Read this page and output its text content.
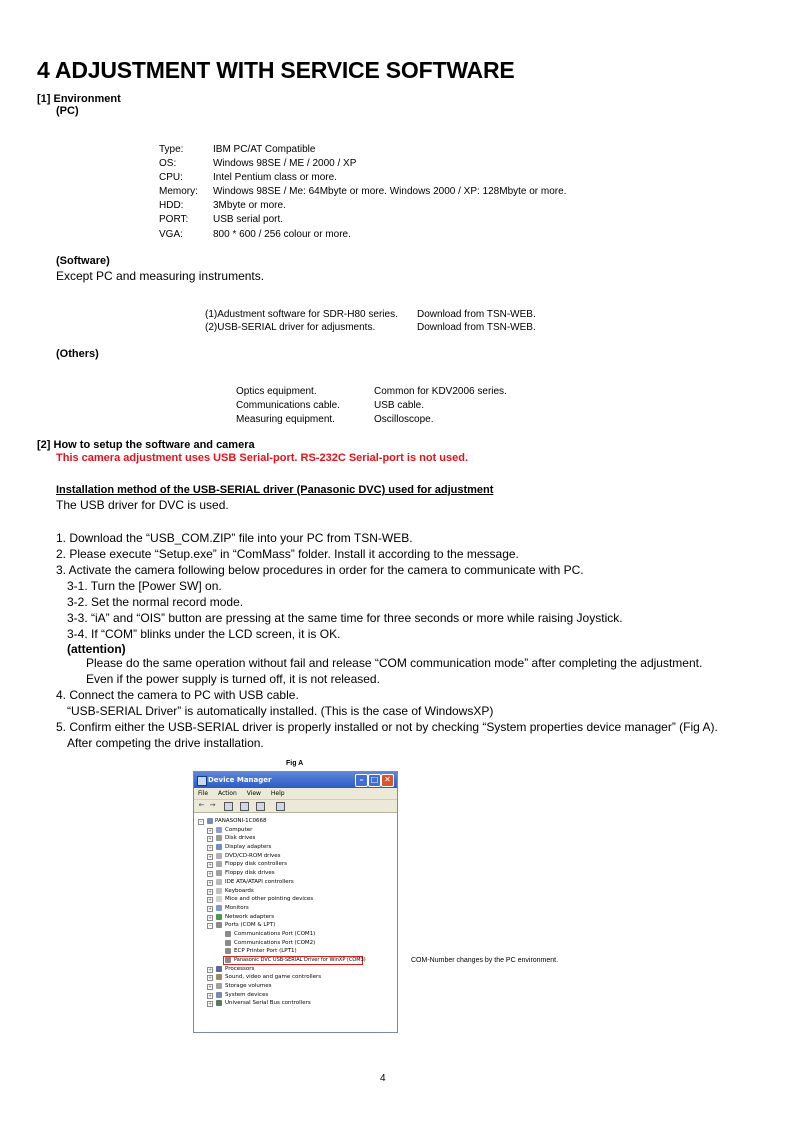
4 ADJUSTMENT WITH SERVICE SOFTWARE
[1] Environment
(PC)
Type:	IBM PC/AT Compatible
OS:	Windows 98SE / ME / 2000 / XP
CPU:	Intel Pentium class or more.
Memory: Windows 98SE / Me: 64Mbyte or more. Windows 2000 / XP: 128Mbyte or more.
HDD:	3Mbyte or more.
PORT: USB serial port.
VGA:	800 * 600 / 256 colour or more.
(Software)
Except PC and measuring instruments.
(1)Adustment software for SDR-H80 series. Download from TSN-WEB.
(2)USB-SERIAL driver for adjusments.	Download from TSN-WEB.
(Others)
Optics equipment.	Common for KDV2006 series.
Communications cable.	USB cable.
Measuring equipment.	Oscilloscope.
[2] How to setup the software and camera
This camera adjustment uses USB Serial-port. RS-232C Serial-port is not used.
Installation method of the USB-SERIAL driver (Panasonic DVC) used for adjustment
The USB driver for DVC is used.
1. Download the “USB_COM.ZIP” file into your PC from TSN-WEB.
2. Please execute “Setup.exe” in “ComMass” folder. Install it according to the message.
3. Activate the camera following below procedures in order for the camera to communicate with PC.
3-1. Turn the [Power SW] on.
3-2. Set the normal record mode.
3-3. “iA” and “OIS” button are pressing at the same time for three seconds or more while raising Joystick.
3-4. If “COM” blinks under the LCD screen, it is OK.
(attention)
Please do the same operation without fail and release “COM communication mode” after completing the adjustment.
Even if the power supply is turned off, it is not released.
4. Connect the camera to PC with USB cable.
“USB-SERIAL Driver” is automatically installed. (This is the case of WindowsXP)
5. Confirm either the USB-SERIAL driver is properly installed or not by checking “System properties device manager” (Fig A).
After competing the drive installation.
Fig A
Device Manager	– □ ✕
File Action View Help
← →
− PANASONI-1C0668
+ Computer
+ Disk drives
+ Display adapters
+ DVD/CD-ROM drives
+ Floppy disk controllers
+ Floppy disk drives
+ IDE ATA/ATAPI controllers
+ Keyboards
+ Mice and other pointing devices
+ Monitors
+ Network adapters
− Ports (COM & LPT)
Communications Port (COM1)
Communications Port (COM2)
ECP Printer Port (LPT1)
Panasonic DVC USB-SERIAL Driver for WinXP (COM3)
+ Processors
+ Sound, video and game controllers
+ Storage volumes
+ System devices
+ Universal Serial Bus controllers
COM-Number changes by the PC environment.
4
